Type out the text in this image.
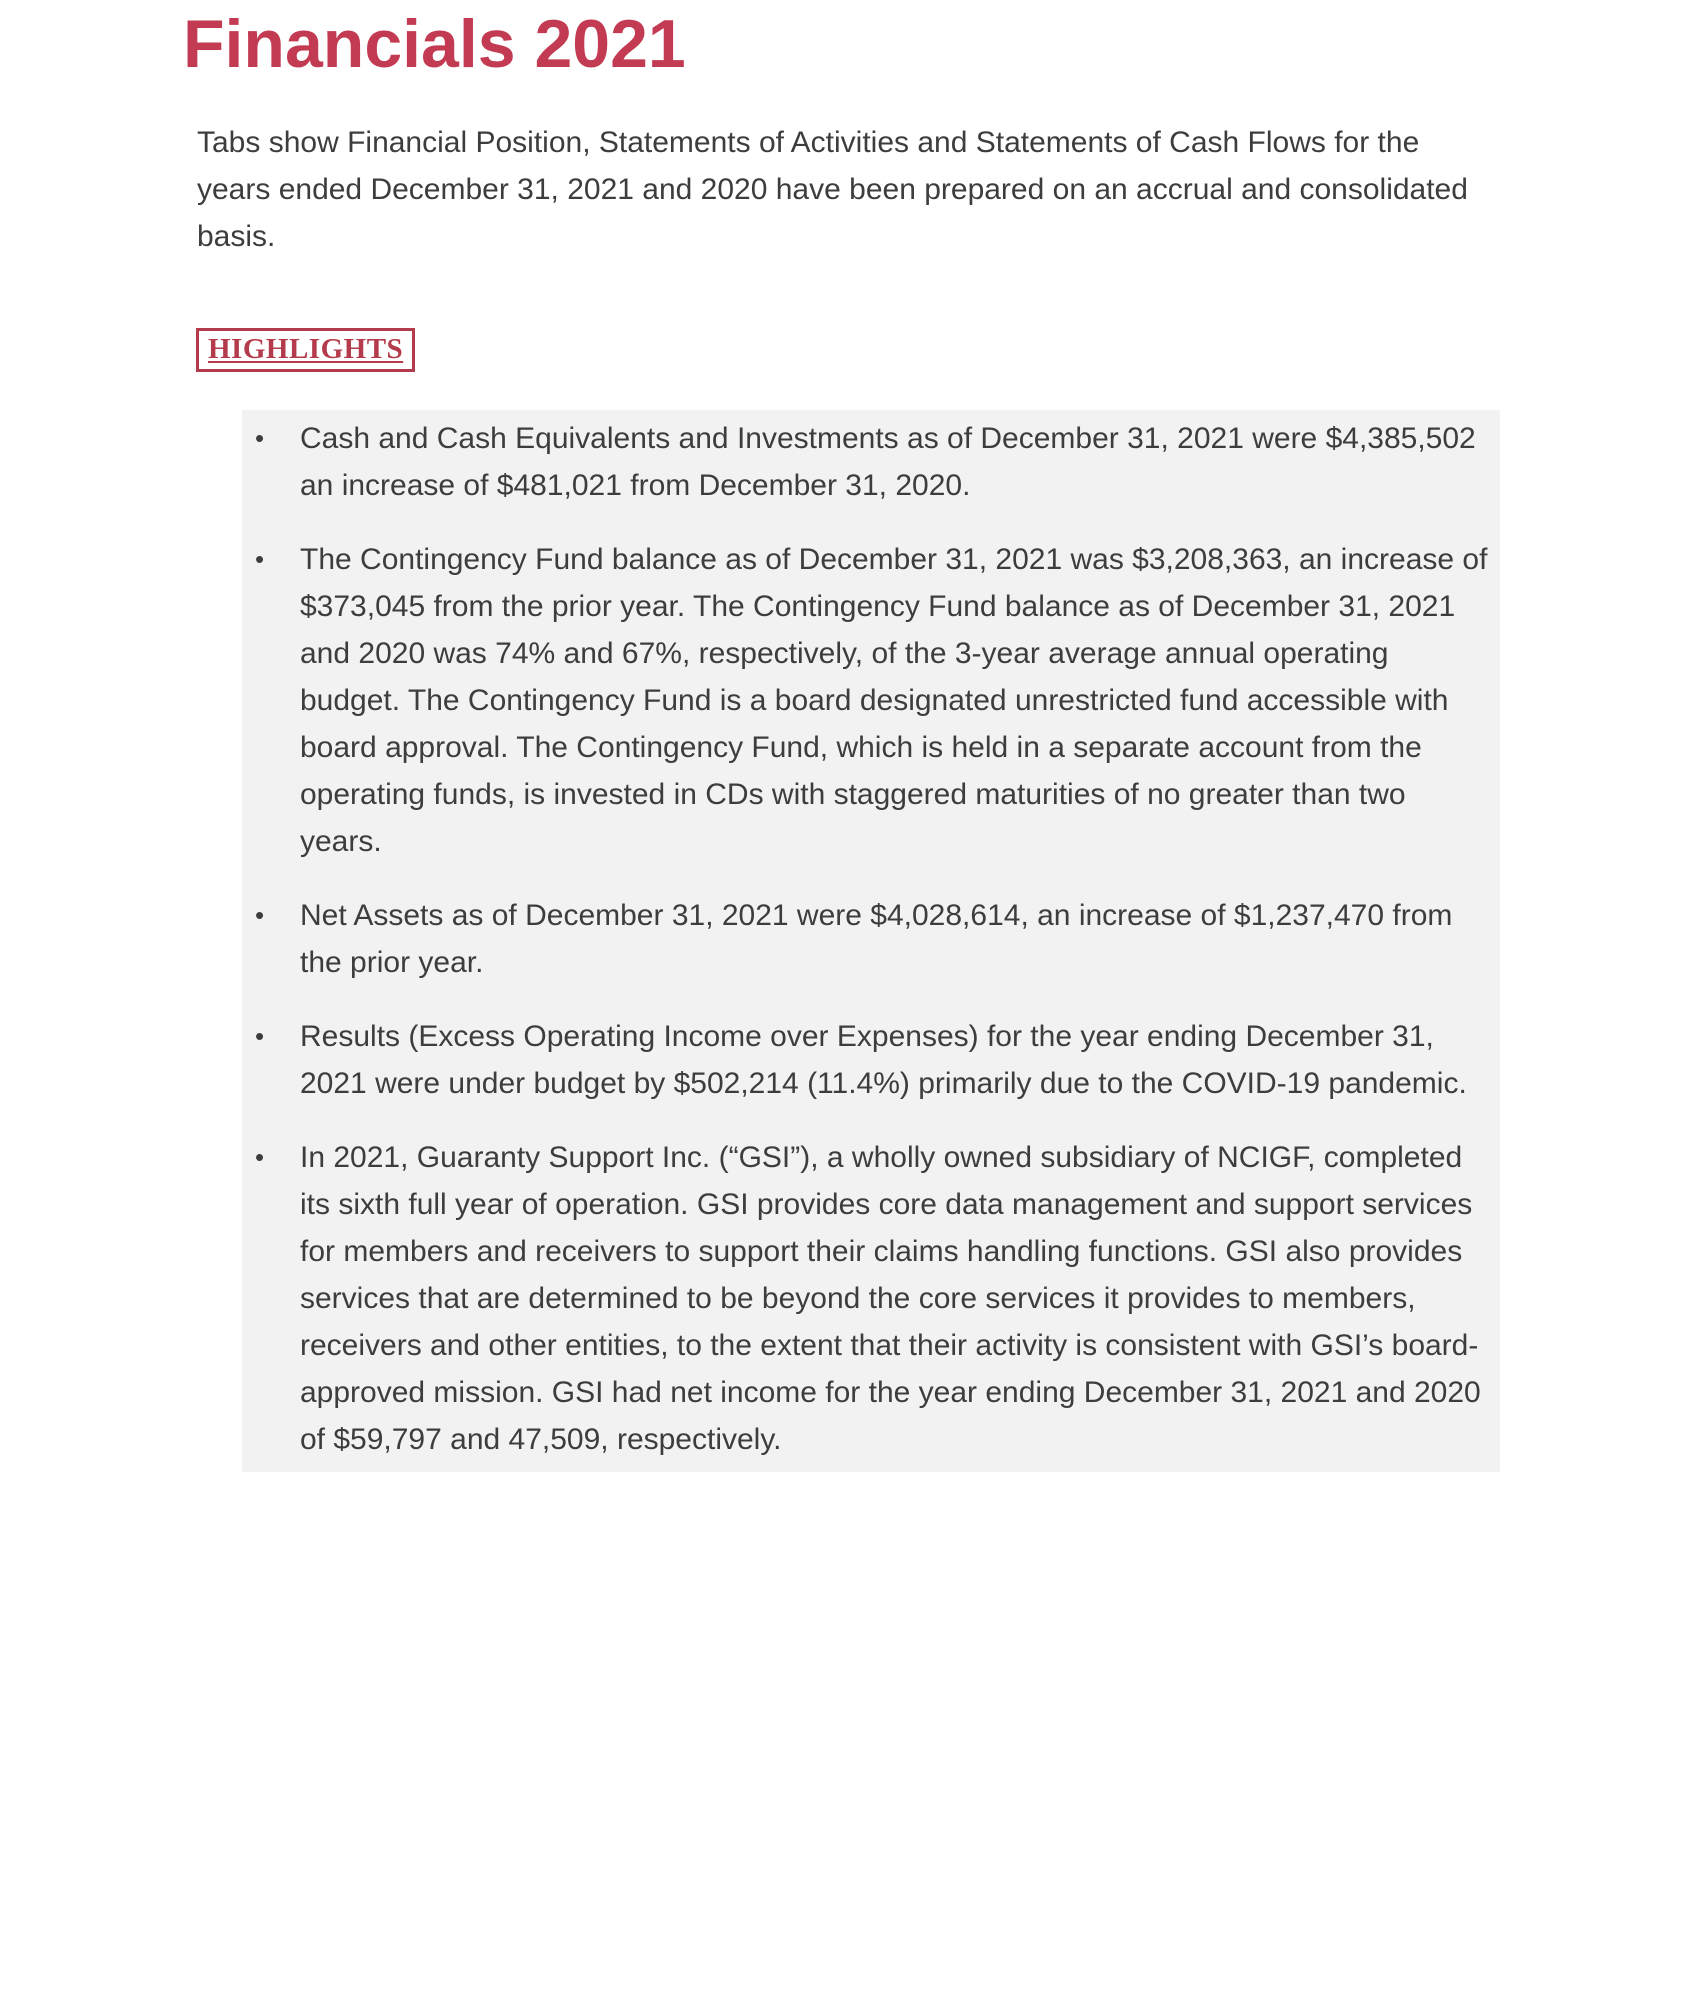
Financials 2021

Tabs show Financial Position, Statements of Activities and Statements of Cash Flows for the years ended December 31, 2021 and 2020 have been prepared on an accrual and consolidated basis.

HIGHLIGHTS
• Cash and Cash Equivalents and Investments as of December 31, 2021 were $4,385,502 an increase of $481,021 from December 31, 2020.
• The Contingency Fund balance as of December 31, 2021 was $3,208,363, an increase of $373,045 from the prior year. The Contingency Fund balance as of December 31, 2021 and 2020 was 74% and 67%, respectively, of the 3-year average annual operating budget. The Contingency Fund is a board designated unrestricted fund accessible with board approval. The Contingency Fund, which is held in a separate account from the operating funds, is invested in CDs with staggered maturities of no greater than two years.
• Net Assets as of December 31, 2021 were $4,028,614, an increase of $1,237,470 from the prior year.
• Results (Excess Operating Income over Expenses) for the year ending December 31, 2021 were under budget by $502,214 (11.4%) primarily due to the COVID-19 pandemic.
• In 2021, Guaranty Support Inc. (“GSI”), a wholly owned subsidiary of NCIGF, completed its sixth full year of operation. GSI provides core data management and support services for members and receivers to support their claims handling functions. GSI also provides services that are determined to be beyond the core services it provides to members, receivers and other entities, to the extent that their activity is consistent with GSI’s board-approved mission. GSI had net income for the year ending December 31, 2021 and 2020 of $59,797 and 47,509, respectively.
